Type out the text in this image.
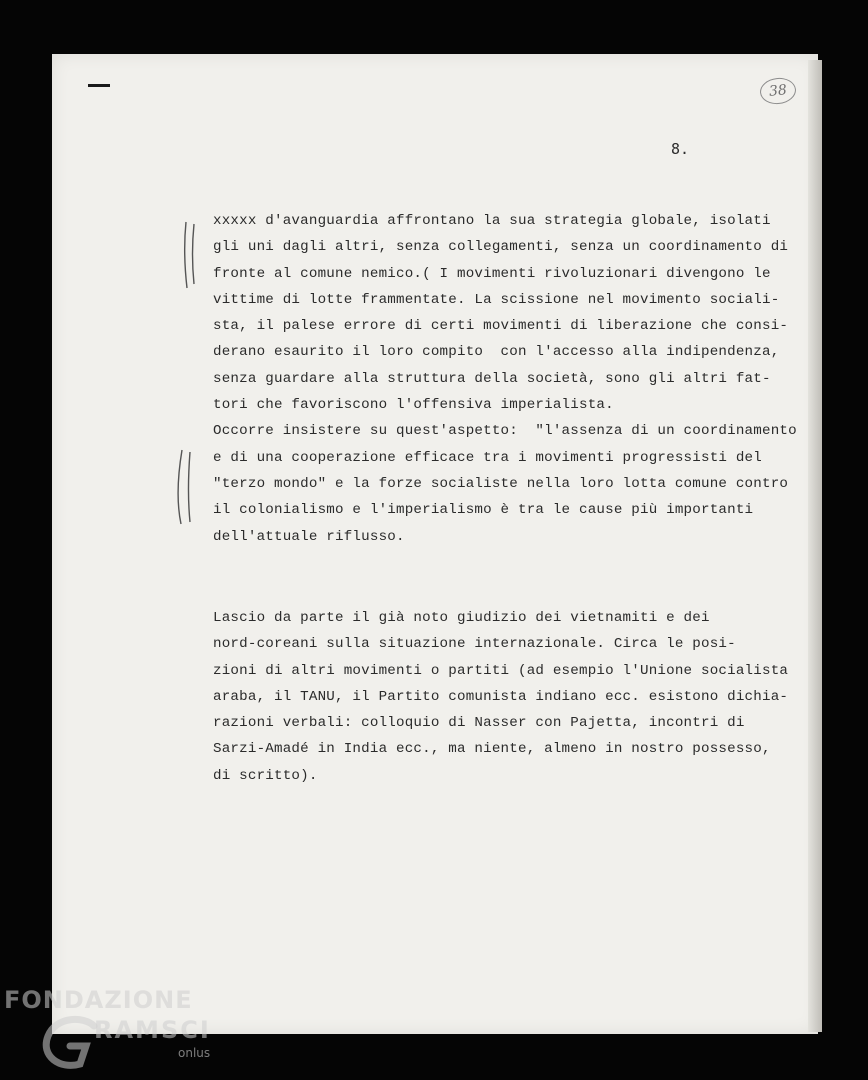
38
8.
xxxxx d'avanguardia affrontano la sua strategia globale, isolati
gli uni dagli altri, senza collegamenti, senza un coordinamento di
fronte al comune nemico.( I movimenti rivoluzionari divengono le
vittime di lotte frammentate. La scissione nel movimento sociali-
sta, il palese errore di certi movimenti di liberazione che consi-
derano esaurito il loro compito  con l'accesso alla indipendenza,
senza guardare alla struttura della società, sono gli altri fat-
tori che favoriscono l'offensiva imperialista.
Occorre insistere su quest'aspetto:  "l'assenza di un coordinamento
e di una cooperazione efficace tra i movimenti progressisti del
"terzo mondo" e la forze socialiste nella loro lotta comune contro
il colonialismo e l'imperialismo è tra le cause più importanti
dell'attuale riflusso.
Lascio da parte il già noto giudizio dei vietnamiti e dei
nord-coreani sulla situazione internazionale. Circa le posi-
zioni di altri movimenti o partiti (ad esempio l'Unione socialista
araba, il TANU, il Partito comunista indiano ecc. esistono dichia-
razioni verbali: colloquio di Nasser con Pajetta, incontri di
Sarzi-Amadé in India ecc., ma niente, almeno in nostro possesso,
di scritto).
FONDAZIONE
RAMSCI
onlus
